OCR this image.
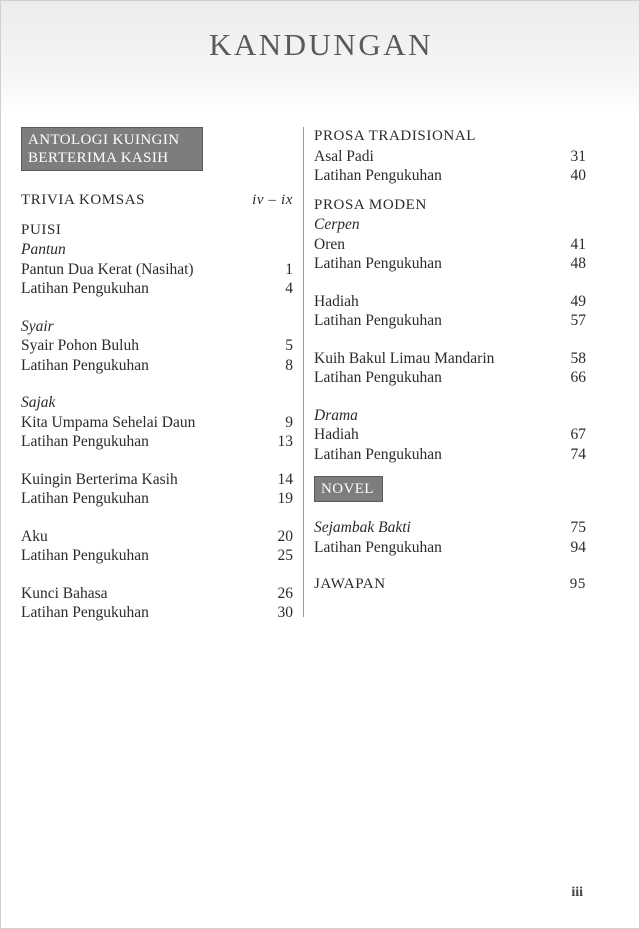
KANDUNGAN
ANTOLOGI KUINGIN
BERTERIMA KASIH
TRIVIA KOMSAS	iv – ix
PUISI
Pantun
Pantun Dua Kerat (Nasihat)	1
Latihan Pengukuhan	4
Syair
Syair Pohon Buluh	5
Latihan Pengukuhan	8
Sajak
Kita Umpama Sehelai Daun	9
Latihan Pengukuhan	13
Kuingin Berterima Kasih	14
Latihan Pengukuhan	19
Aku	20
Latihan Pengukuhan	25
Kunci Bahasa	26
Latihan Pengukuhan	30
PROSA TRADISIONAL
Asal Padi	31
Latihan Pengukuhan	40
PROSA MODEN
Cerpen
Oren	41
Latihan Pengukuhan	48
Hadiah	49
Latihan Pengukuhan	57
Kuih Bakul Limau Mandarin	58
Latihan Pengukuhan	66
Drama
Hadiah	67
Latihan Pengukuhan	74
NOVEL
Sejambak Bakti	75
Latihan Pengukuhan	94
JAWAPAN	95
iii
